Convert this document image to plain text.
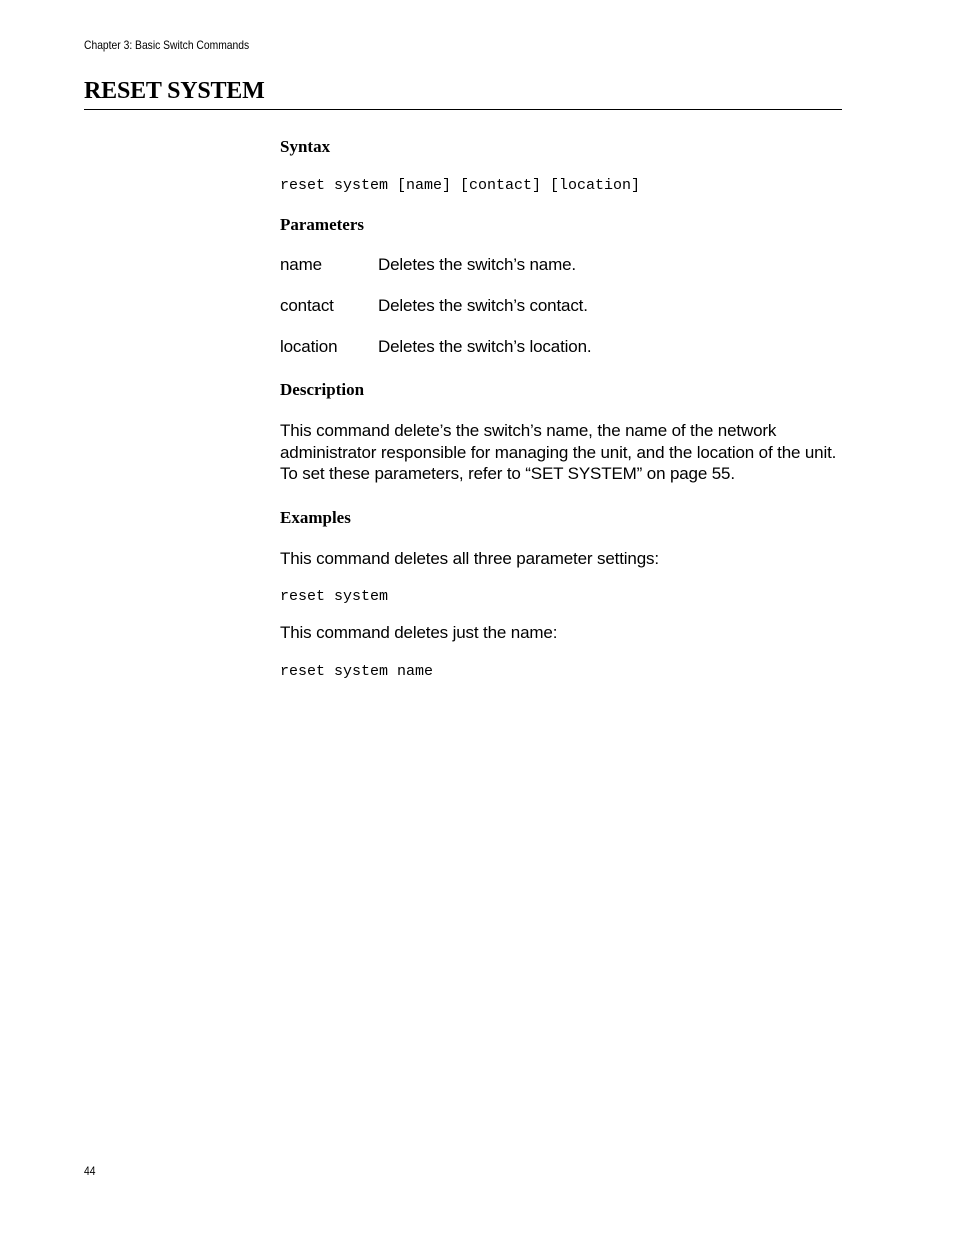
Chapter 3: Basic Switch Commands
RESET SYSTEM
Syntax
reset system [name] [contact] [location]
Parameters
name	Deletes the switch’s name.
contact	Deletes the switch’s contact.
location Deletes the switch’s location.
Description

This command delete’s the switch’s name, the name of the network administrator responsible for managing the unit, and the location of the unit. To set these parameters, refer to “SET SYSTEM” on page 55.

Examples

This command deletes all three parameter settings:

reset system

This command deletes just the name:

reset system name
44
